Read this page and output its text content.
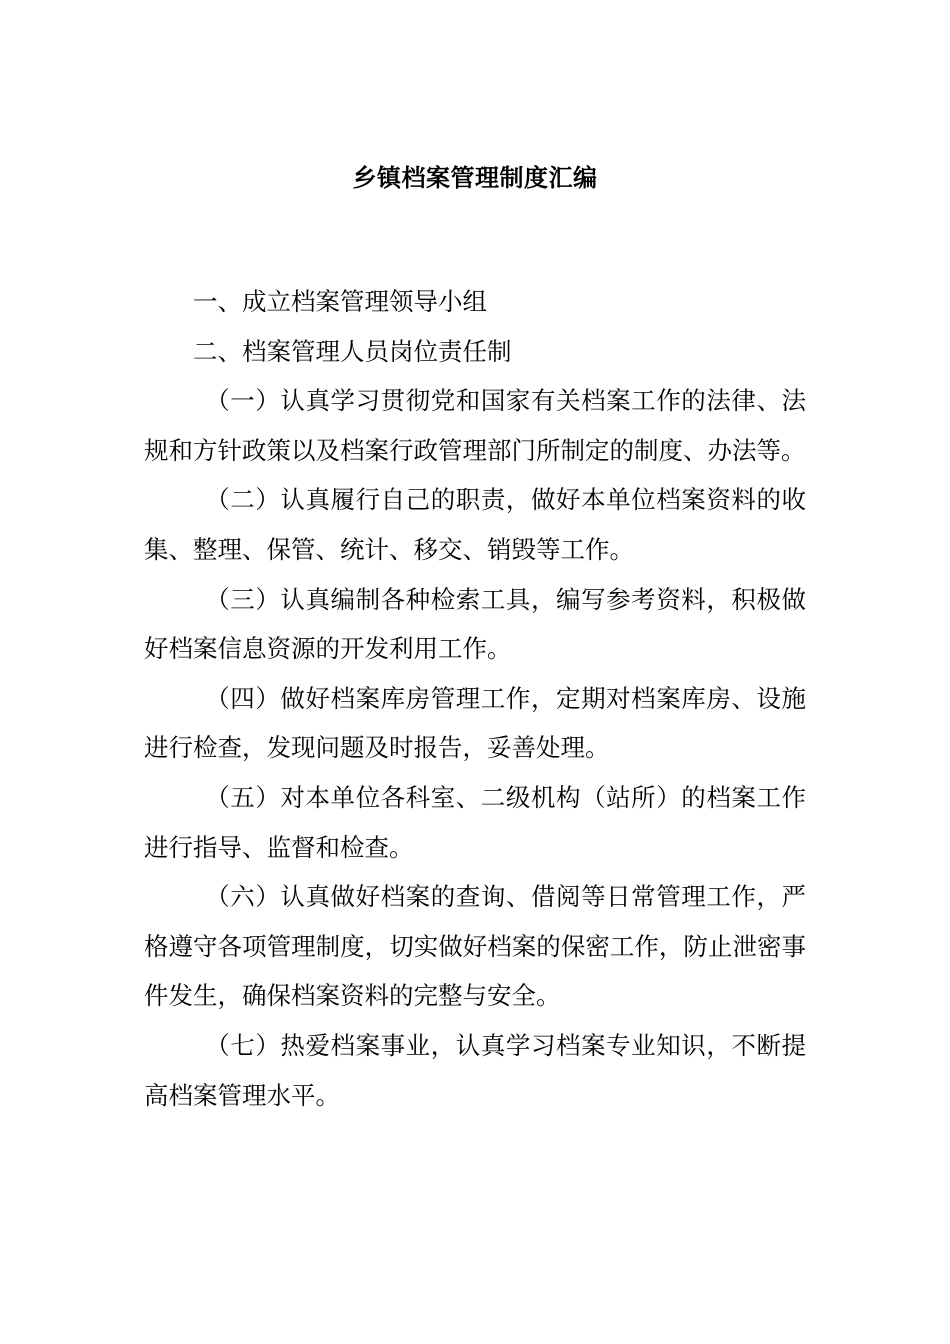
乡镇档案管理制度汇编

一、成立档案管理领导小组

二、档案管理人员岗位责任制

（一）认真学习贯彻党和国家有关档案工作的法律、法规和方针政策以及档案行政管理部门所制定的制度、办法等。

（二）认真履行自己的职责，做好本单位档案资料的收集、整理、保管、统计、移交、销毁等工作。

（三）认真编制各种检索工具，编写参考资料，积极做好档案信息资源的开发利用工作。

（四）做好档案库房管理工作，定期对档案库房、设施进行检查，发现问题及时报告，妥善处理。

（五）对本单位各科室、二级机构（站所）的档案工作进行指导、监督和检查。

（六）认真做好档案的查询、借阅等日常管理工作，严格遵守各项管理制度，切实做好档案的保密工作，防止泄密事件发生，确保档案资料的完整与安全。

（七）热爱档案事业，认真学习档案专业知识，不断提高档案管理水平。
